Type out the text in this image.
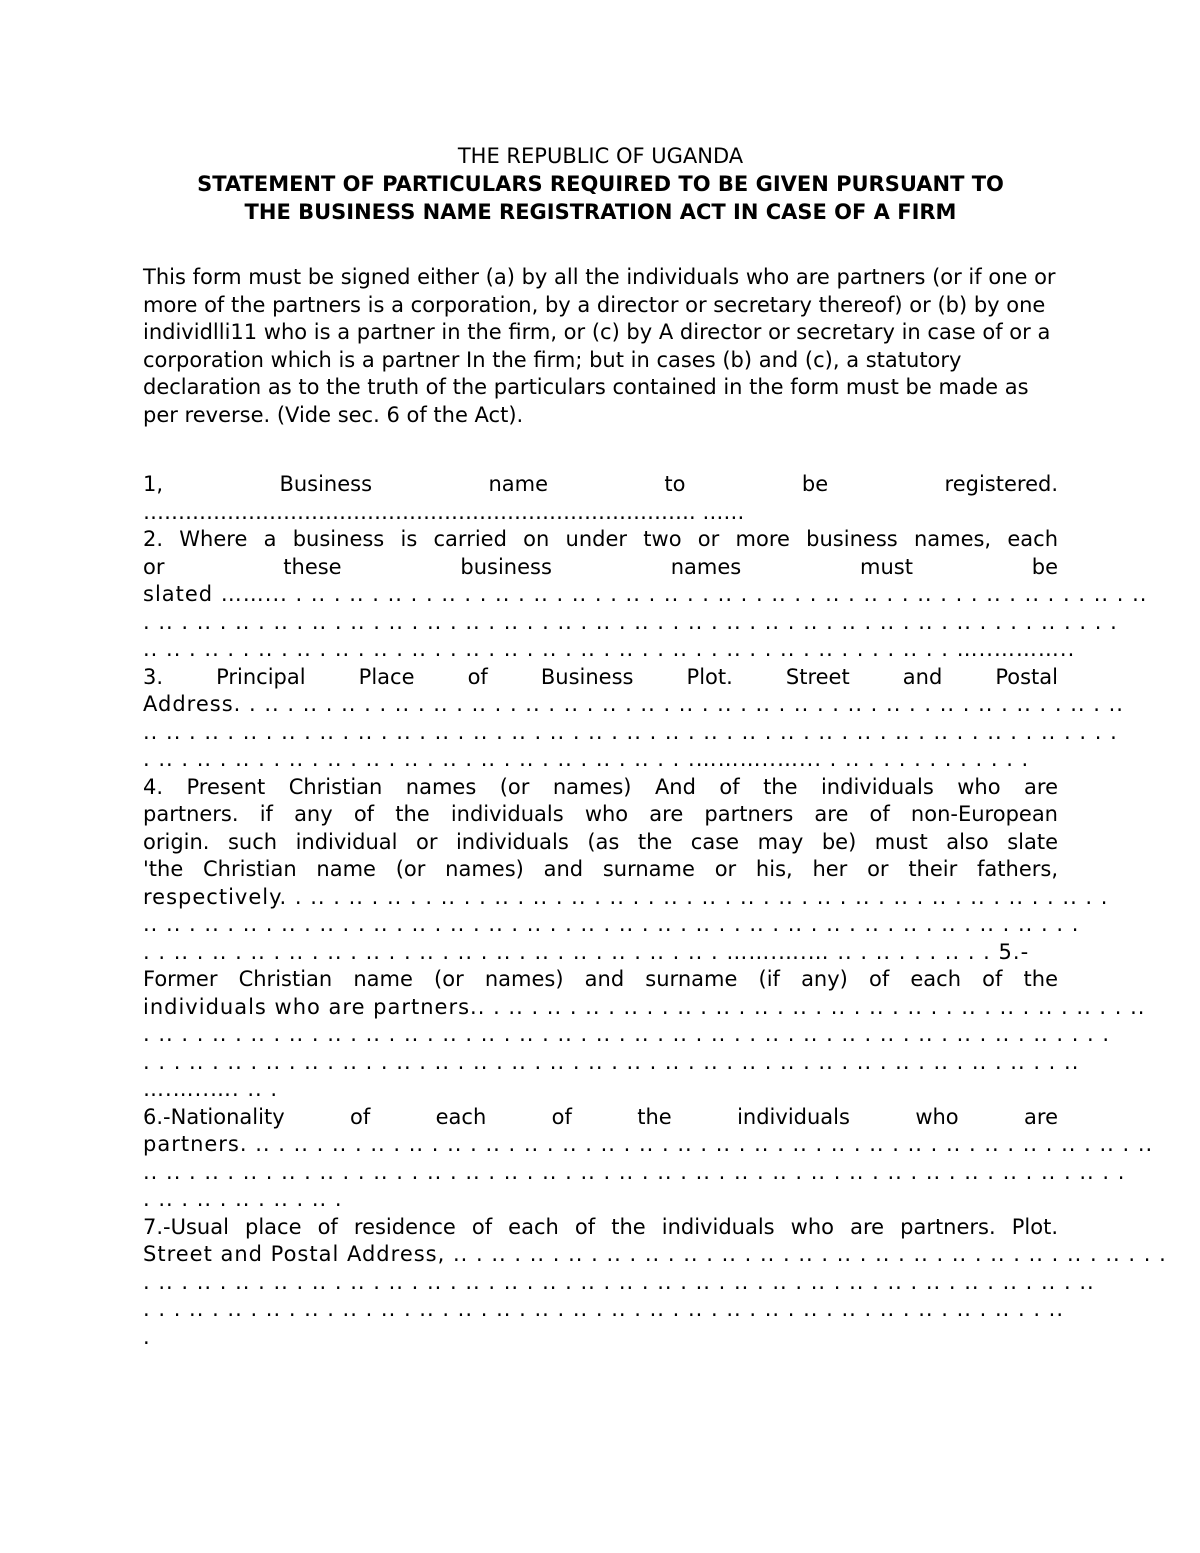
THE REPUBLIC OF UGANDA

STATEMENT OF PARTICULARS REQUIRED TO BE GIVEN PURSUANT TO

THE BUSINESS NAME REGISTRATION ACT IN CASE OF A FIRM

This form must be signed either (a) by all the individuals who are partners (or if one or more of the partners is a corporation, by a director or secretary thereof) or (b) by one individlli11 who is a partner in the firm, or (c) by A director or secretary in case of or a corporation which is a partner In the firm; but in cases (b) and (c), a statutory declaration as to the truth of the particulars contained in the form must be made as per reverse. (Vide sec. 6 of the Act).
1, Business name to be registered.
……………………………………………………………………. ……
2. Where a business is carried on under two or more business names, each
or these business names must be
slated ……... . .. . .. . .. . . .. . . .. . .. . .. . . .. . .. . . .. . . .. . . .. . .. . . .. . . . .. . .. . . . .. . ..
. .. . .. . .. . .. . .. . .. . .. . .. . .. . .. . . .. . .. . .. . . .. . .. . .. . .. . .. . .. . .. . .. . . . . .. . . . .
.. .. . .. . . .. . .. . .. . .. . .. . . .. . .. . .. . .. . .. . . .. . . .. . . .. . .. . . . . .. . . …..………..
3. Principal Place of Business Plot. Street and Postal
Address. . .. . .. . .. . . .. . .. . .. . . .. . .. . .. . .. . .. . .. . .. . .. . . .. . .. . . .. . .. . .. . . .. . ..
.. .. . .. . .. . .. . .. . .. . .. . .. . .. . .. . .. . .. . .. . .. . .. . .. . .. . .. . .. . .. . .. . . .. . . .. . . . .
. .. . .. . .. . . .. . .. . .. . .. . .. . .. . .. . .. . .. . .. . . .………..…... . .. . . . . . . . . . . .
4. Present Christian names (or names) And of the individuals who are
partners. if any of the individuals who are partners are of non-European
origin. such individual or individuals (as the case may be) must also slate
'the Christian name (or names) and surname or his, her or their fathers,
respectively. . .. . .. . .. . . .. . . .. . .. . .. . .. . . .. . .. . .. . .. . .. . .. . .. . .. . .. . .. . . .. . .
.. .. . .. . .. . .. . .. . . .. . .. . .. . .. . .. . . .. . .. . .. . .. . . .. . .. . .. . .. . .. . .. . .. . .. . . .
. . .. . .. . .. . .. . .. . .. . . .. . .. . .. . .. . .. . .. . .. . .. . …….….… .. . .. . . . .. . . 5.-
Former Christian name (or names) and surname (if any) of each of the
individuals who are partners.. . .. . .. . .. . .. . . .. . .. . .. . .. . .. . .. . .. . . .. . .. . .. . .. . . ..
. .. . . .. . .. . .. . .. . .. . .. . .. . .. . .. . .. . .. . .. . .. . .. . . .. . .. . .. . .. . .. . .. . .. . .. . . . .
. . . .. . .. . .. . .. . .. . . .. . .. . .. . .. . .. . .. . .. . .. . .. . .. . .. . .. . .. . .. . .. . .. . .. . . ..
….…..…. .. .
6.-Nationality of each of the individuals who are
partners. .. . .. . .. . .. . .. . .. . .. . .. . .. . .. . .. . .. . .. . .. . .. . .. . .. . .. . .. . .. . .. . .. . .. . ..
.. .. . .. . .. . .. . .. . . .. . . .. . .. . .. . .. . .. . .. . .. . .. . .. . .. . .. . .. . .. . .. . .. . .. . .. . .. . .
. .. . .. . .. . .. . .. .
7.-Usual place of residence of each of the individuals who are partners. Plot.
Street and Postal Address, .. . .. . .. . .. . .. . .. . .. . .. . .. . .. . .. . .. . .. . .. . .. . .. . .. . .. . . .
. .. . .. . .. . .. . .. . .. . .. . .. . .. . .. . .. . .. . .. . .. . .. . .. . .. . .. . .. . .. . .. . .. . .. . .. . ..
. . . .. . .. . .. . .. . .. . .. . .. . .. . .. . .. . .. . .. . .. . .. . .. . .. . .. . .. . .. . .. . .. . .. . . ..
.
